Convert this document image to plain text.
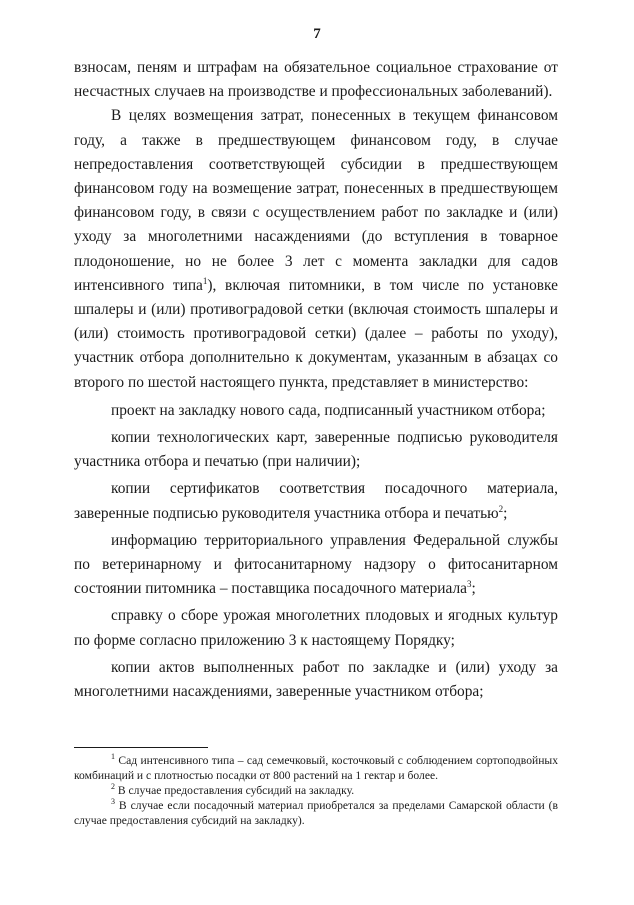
7

взносам, пеням и штрафам на обязательное социальное страхование от несчастных случаев на производстве и профессиональных заболеваний).

В целях возмещения затрат, понесенных в текущем финансовом году, а также в предшествующем финансовом году, в случае непредоставления соответствующей субсидии в предшествующем финансовом году на возмещение затрат, понесенных в предшествующем финансовом году, в связи с осуществлением работ по закладке и (или) уходу за многолетними насаждениями (до вступления в товарное плодоношение, но не более 3 лет с момента закладки для садов интенсивного типа$^1$), включая питомники, в том числе по установке шпалеры и (или) противоградовой сетки (включая стоимость шпалеры и (или) стоимость противоградовой сетки) (далее – работы по уходу), участник отбора дополнительно к документам, указанным в абзацах со второго по шестой настоящего пункта, представляет в министерство:

проект на закладку нового сада, подписанный участником отбора;

копии технологических карт, заверенные подписью руководителя участника отбора и печатью (при наличии);

копии сертификатов соответствия посадочного материала, заверенные подписью руководителя участника отбора и печатью$^2$;

информацию территориального управления Федеральной службы по ветеринарному и фитосанитарному надзору о фитосанитарном состоянии питомника – поставщика посадочного материала$^3$;

справку о сборе урожая многолетних плодовых и ягодных культур по форме согласно приложению 3 к настоящему Порядку;

копии актов выполненных работ по закладке и (или) уходу за многолетними насаждениями, заверенные участником отбора;

$^1$ Сад интенсивного типа – сад семечковый, косточковый с соблюдением сортоподвойных комбинаций и с плотностью посадки от 800 растений на 1 гектар и более.

$^2$ В случае предоставления субсидий на закладку.

$^3$ В случае если посадочный материал приобретался за пределами Самарской области (в случае предоставления субсидий на закладку).
